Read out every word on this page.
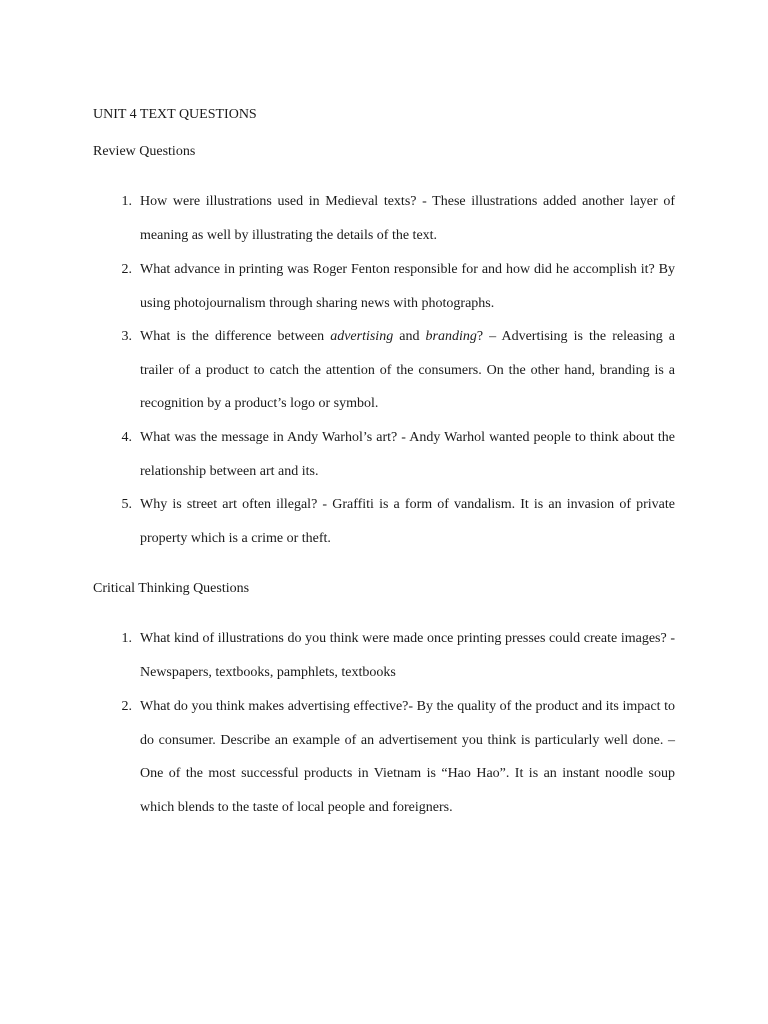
UNIT 4 TEXT QUESTIONS
Review Questions
1. How were illustrations used in Medieval texts? - These illustrations added another layer of meaning as well by illustrating the details of the text.

2. What advance in printing was Roger Fenton responsible for and how did he accomplish it? By using photojournalism through sharing news with photographs.

3. What is the difference between advertising and branding? – Advertising is the releasing a trailer of a product to catch the attention of the consumers. On the other hand, branding is a recognition by a product’s logo or symbol.

4. What was the message in Andy Warhol’s art? - Andy Warhol wanted people to think about the relationship between art and its.

5. Why is street art often illegal? - Graffiti is a form of vandalism. It is an invasion of private property which is a crime or theft.

Critical Thinking Questions
1. What kind of illustrations do you think were made once printing presses could create images? - Newspapers, textbooks, pamphlets, textbooks

2. What do you think makes advertising effective?- By the quality of the product and its impact to do consumer. Describe an example of an advertisement you think is particularly well done. – One of the most successful products in Vietnam is “Hao Hao”. It is an instant noodle soup which blends to the taste of local people and foreigners.
